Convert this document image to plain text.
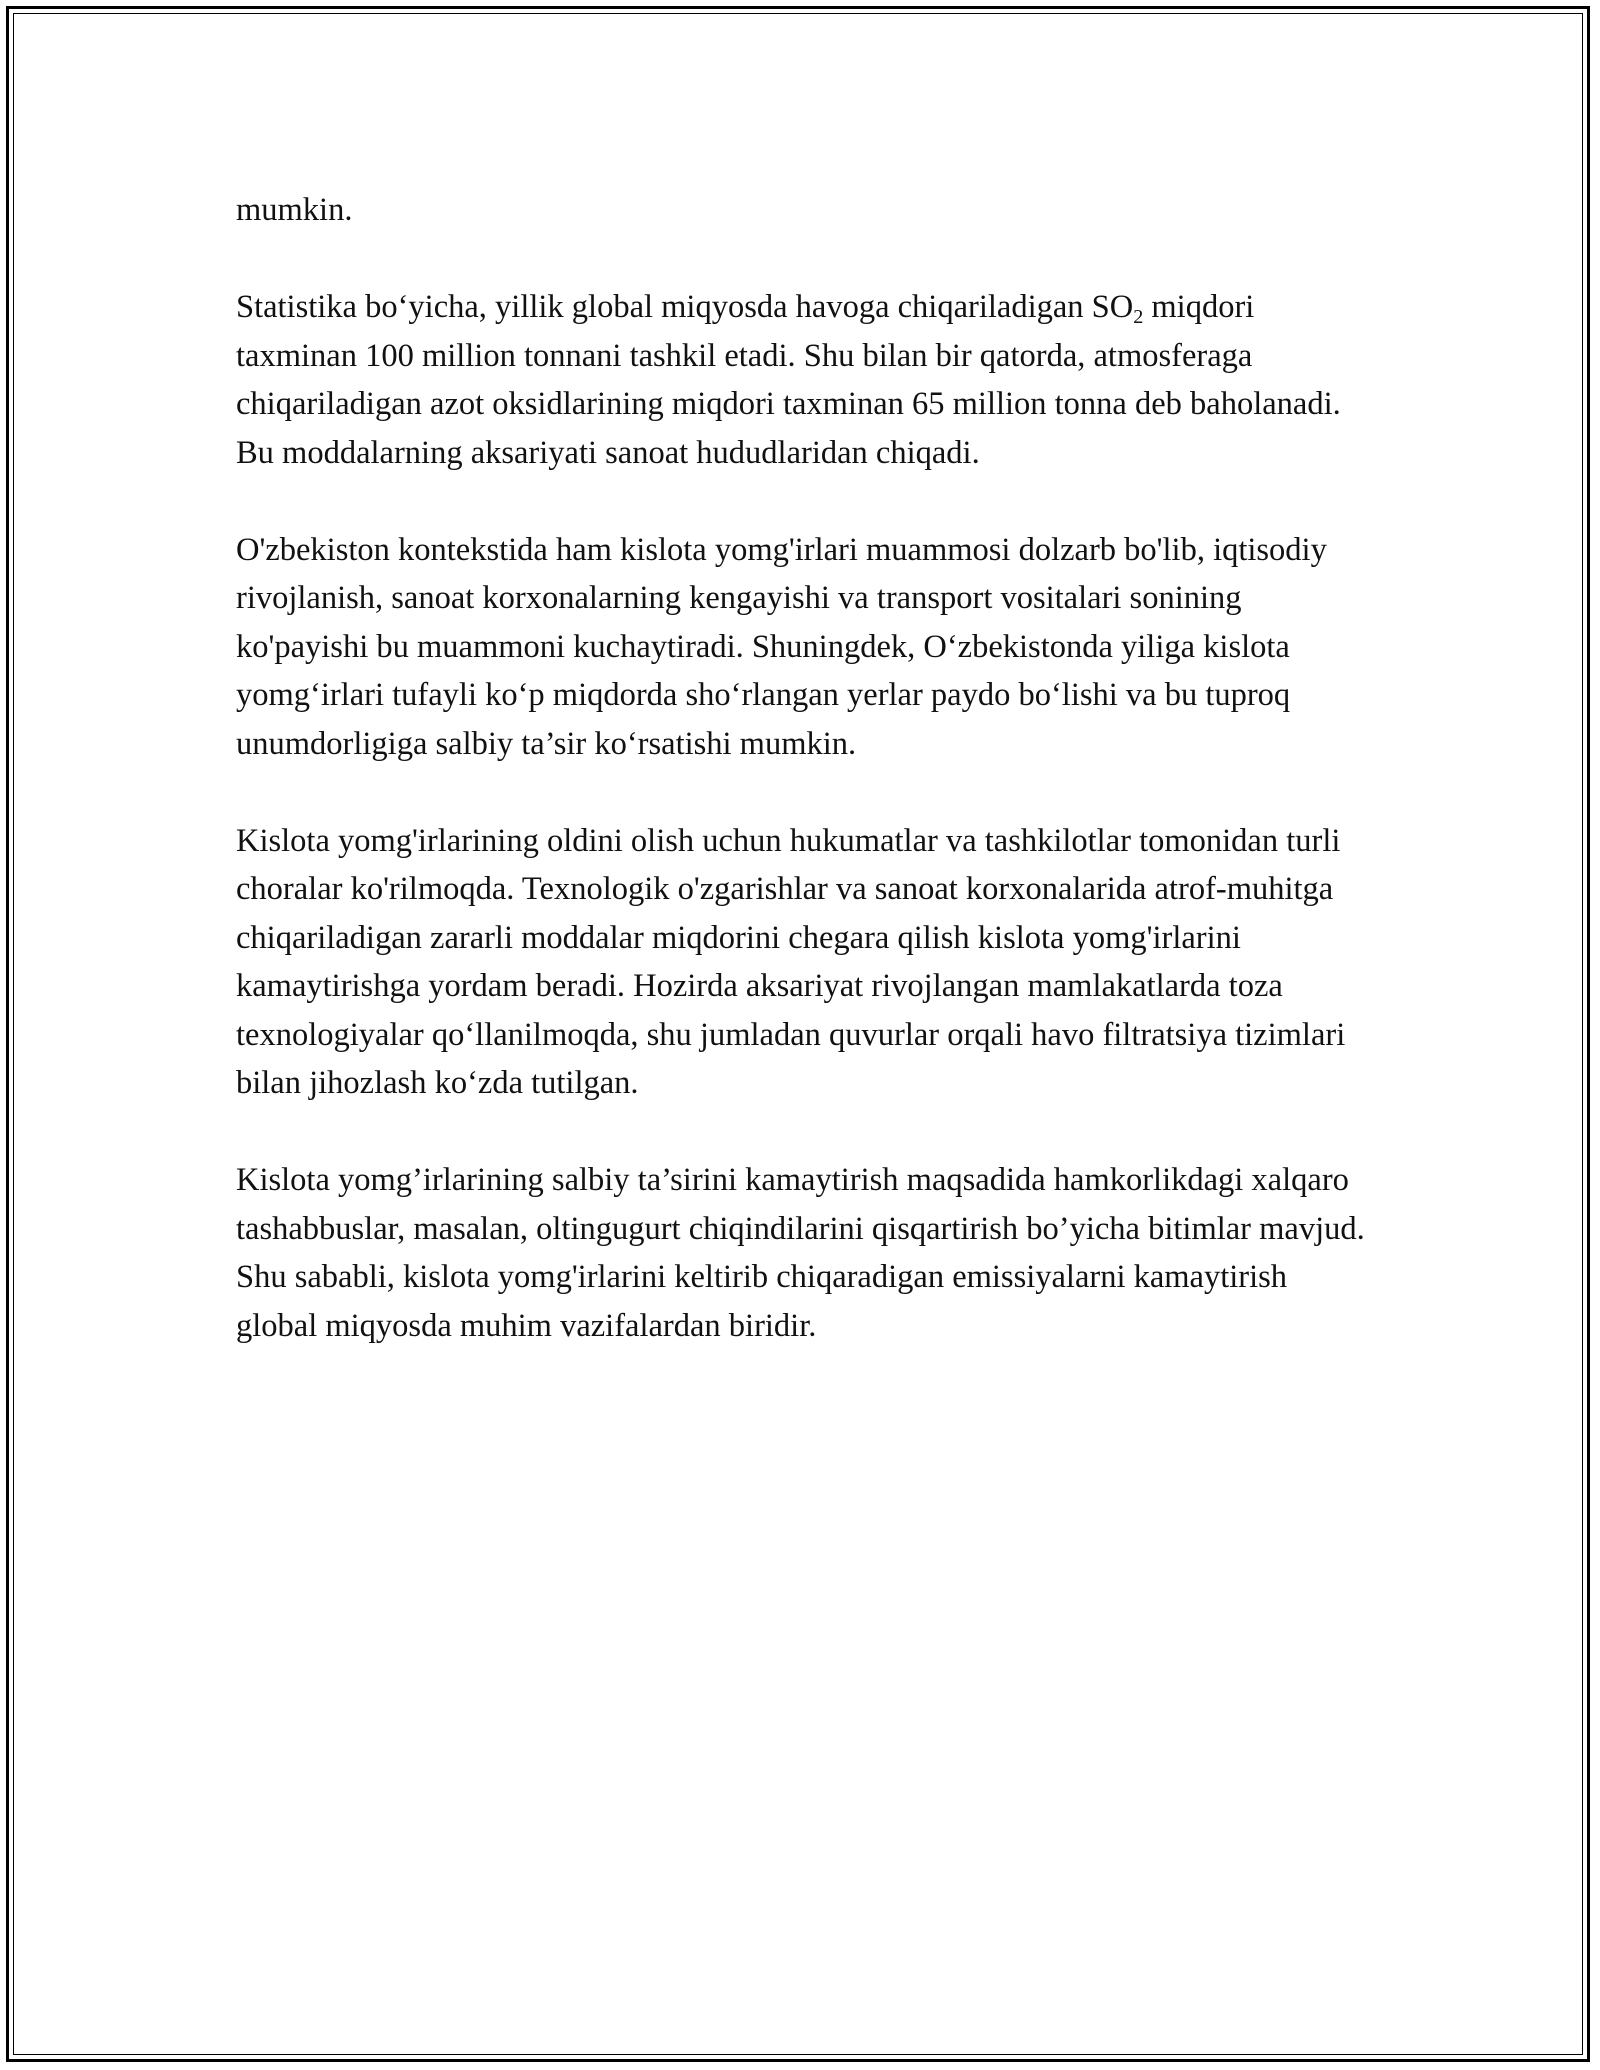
mumkin.

Statistika bo‘yicha, yillik global miqyosda havoga chiqariladigan $SO_2$ miqdori taxminan 100 million tonnani tashkil etadi. Shu bilan bir qatorda, atmosferaga chiqariladigan azot oksidlarining miqdori taxminan 65 million tonna deb baholanadi. Bu moddalarning aksariyati sanoat hududlaridan chiqadi.

O'zbekiston kontekstida ham kislota yomg'irlari muammosi dolzarb bo'lib, iqtisodiy rivojlanish, sanoat korxonalarning kengayishi va transport vositalari sonining ko'payishi bu muammoni kuchaytiradi. Shuningdek, O‘zbekistonda yiliga kislota yomg‘irlari tufayli ko‘p miqdorda sho‘rlangan yerlar paydo bo‘lishi va bu tuproq unumdorligiga salbiy ta’sir ko‘rsatishi mumkin.

Kislota yomg'irlarining oldini olish uchun hukumatlar va tashkilotlar tomonidan turli choralar ko'rilmoqda. Texnologik o'zgarishlar va sanoat korxonalarida atrof-muhitga chiqariladigan zararli moddalar miqdorini chegara qilish kislota yomg'irlarini kamaytirishga yordam beradi. Hozirda aksariyat rivojlangan mamlakatlarda toza texnologiyalar qo‘llanilmoqda, shu jumladan quvurlar orqali havo filtratsiya tizimlari bilan jihozlash ko‘zda tutilgan.

Kislota yomg’irlarining salbiy ta’sirini kamaytirish maqsadida hamkorlikdagi xalqaro tashabbuslar, masalan, oltingugurt chiqindilarini qisqartirish bo’yicha bitimlar mavjud. Shu sababli, kislota yomg'irlarini keltirib chiqaradigan emissiyalarni kamaytirish global miqyosda muhim vazifalardan biridir.
